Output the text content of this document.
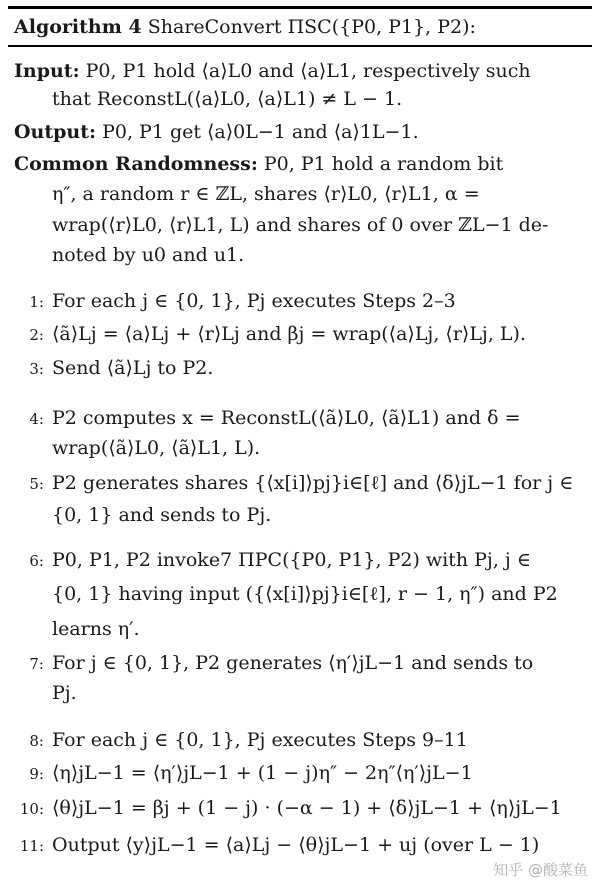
Algorithm 4 ShareConvert ΠSC({P0, P1}, P2):
Input: P0, P1 hold ⟨a⟩L0 and ⟨a⟩L1, respectively such
that ReconstL(⟨a⟩L0, ⟨a⟩L1) ≠ L − 1.
Output: P0, P1 get ⟨a⟩0L−1 and ⟨a⟩1L−1.
Common Randomness: P0, P1 hold a random bit
η″, a random r ∈ ℤL, shares ⟨r⟩L0, ⟨r⟩L1, α =
wrap(⟨r⟩L0, ⟨r⟩L1, L) and shares of 0 over ℤL−1 de-
noted by u0 and u1.
1: For each j ∈ {0, 1}, Pj executes Steps 2–3
2: ⟨ã⟩Lj = ⟨a⟩Lj + ⟨r⟩Lj and βj = wrap(⟨a⟩Lj, ⟨r⟩Lj, L).
3: Send ⟨ã⟩Lj to P2.
4: P2 computes x = ReconstL(⟨ã⟩L0, ⟨ã⟩L1) and δ =
wrap(⟨ã⟩L0, ⟨ã⟩L1, L).
5: P2 generates shares {⟨x[i]⟩pj}i∈[ℓ] and ⟨δ⟩jL−1 for j ∈
{0, 1} and sends to Pj.
6: P0, P1, P2 invoke7 ΠPC({P0, P1}, P2) with Pj, j ∈
{0, 1} having input ({⟨x[i]⟩pj}i∈[ℓ], r − 1, η″) and P2
learns η′.
7: For j ∈ {0, 1}, P2 generates ⟨η′⟩jL−1 and sends to
Pj.
8: For each j ∈ {0, 1}, Pj executes Steps 9–11
9: ⟨η⟩jL−1 = ⟨η′⟩jL−1 + (1 − j)η″ − 2η″⟨η′⟩jL−1
10: ⟨θ⟩jL−1 = βj + (1 − j) · (−α − 1) + ⟨δ⟩jL−1 + ⟨η⟩jL−1
11: Output ⟨y⟩jL−1 = ⟨a⟩Lj − ⟨θ⟩jL−1 + uj (over L − 1)
知乎 @酸菜鱼
